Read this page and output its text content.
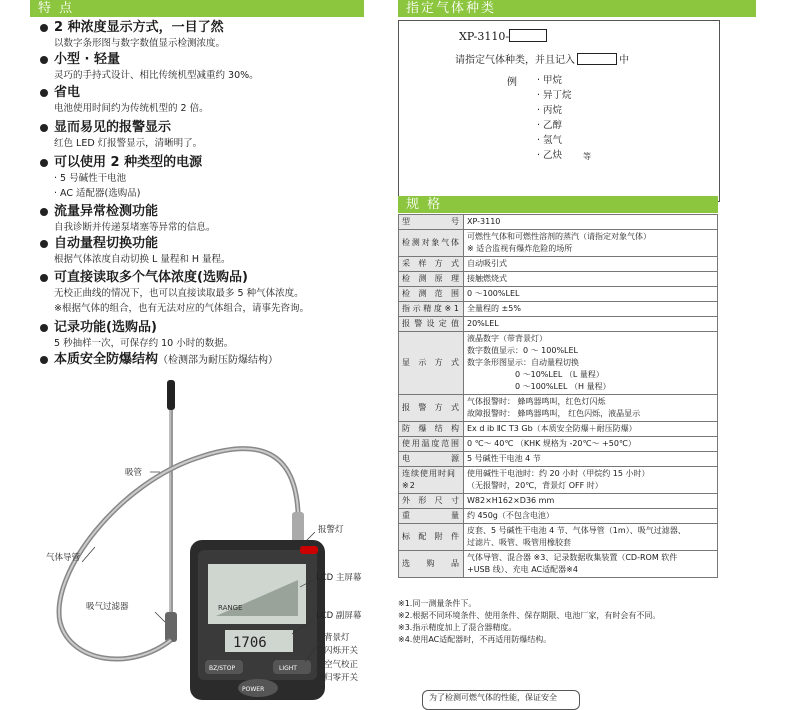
特 点
2 种浓度显示方式，一目了然
以数字条形图与数字数值显示检测浓度。
小型 · 轻量
灵巧的手持式设计、相比传统机型减重约 30%。
省电
电池使用时间约为传统机型的 2 倍。
显而易见的报警显示
红色 LED 灯报警显示，清晰明了。
可以使用 2 种类型的电源
· 5 号碱性干电池
· AC 适配器(选购品)
流量异常检测功能
自我诊断并传递泵堵塞等异常的信息。
自动量程切换功能
根据气体浓度自动切换 L 量程和 H 量程。
可直接读取多个气体浓度(选购品)
无校正曲线的情况下，也可以直接读取最多 5 种气体浓度。
※根据气体的组合，也有无法对应的气体组合，请事先咨询。
记录功能(选购品)
5 秒抽样一次，可保存约 10 小时的数据。
本质安全防爆结构（检测部为耐压防爆结构）
RANGE
1706
BZ/STOP	LIGHT
POWER
吸管
气体导管
吸气过滤器
报警灯
LCD 主屏幕
LCD 副屏幕
背景灯
闪烁开关
空气校正
归零开关
指定气体种类
XP-3110-
请指定气体种类，并且记入	中
例 · 甲烷
· 异丁烷
· 丙烷
· 乙醇
· 氢气
· 乙炔	等
规 格
型号	XP-3110
检测对象气体	可燃性气体和可燃性溶剂的蒸汽（请指定对象气体）
※ 适合监视有爆炸危险的场所

采样方式	自动吸引式
检测原理	接触燃烧式
检测范围	0 ～100%LEL
指示精度※1	全量程的 ±5%
报警设定值	20%LEL
显示方式	液晶数字（带背景灯）
数字数值显示：0 ～ 100%LEL
数字条形图显示：自动量程切换
　　　　　　0 ～10%LEL （L 量程）
　　　　　　0 ～100%LEL （H 量程）

报警方式	气体报警时： 蜂鸣器鸣叫，红色灯闪烁
故障报警时： 蜂鸣器鸣叫， 红色闪烁，液晶显示

防爆结构	Ex d ib ⅡC T3 Gb（本质安全防爆＋耐压防爆）
使用温度范围	0 ℃～ 40℃ （KHK 规格为 -20℃～ +50℃）
电源	5 号碱性干电池 4 节
连续使用时间※2	使用碱性干电池时：约 20 小时（甲烷约 15 小时）
（无报警时，20℃，背景灯 OFF 时）

外形尺寸	W82×H162×D36 mm
重量	约 450g（不包含电池）
标配附件	皮套、5 号碱性干电池 4 节、气体导管（1m）、吸气过滤器、
过滤片、吸管、吸管用橡胶套

选购品	气体导管、混合器 ※3、记录数据收集装置（CD-ROM 软件
+USB 线）、充电 AC适配器※4
※1.同一测量条件下。
※2.根据不同环境条件、使用条件、保存期限、电池厂家，有时会有不同。
※3.指示精度加上了混合器精度。
※4.使用AC适配器时，不再适用防爆结构。
为了检测可燃气体的性能，保证安全
